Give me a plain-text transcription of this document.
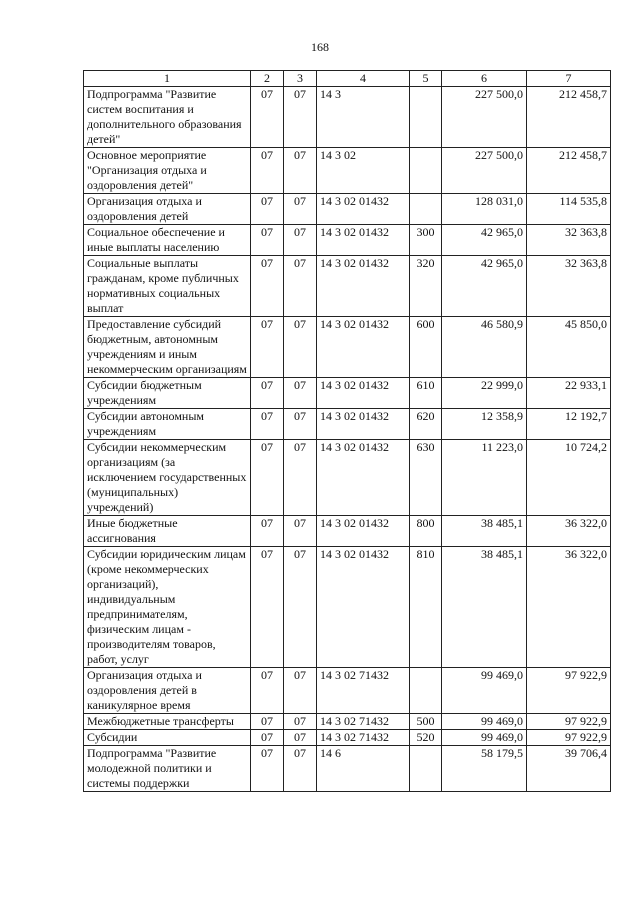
168
1	2	3	4	5	6	7
Подпрограмма "Развитие систем воспитания и дополнительного образования детей"	07	07	14 3		227 500,0	212 458,7
Основное мероприятие "Организация отдыха и оздоровления детей"	07	07	14 3 02		227 500,0	212 458,7
Организация отдыха и оздоровления детей	07	07	14 3 02 01432		128 031,0	114 535,8
Социальное обеспечение и иные выплаты населению	07	07	14 3 02 01432	300	42 965,0	32 363,8
Социальные выплаты гражданам, кроме публичных нормативных социальных выплат	07	07	14 3 02 01432	320	42 965,0	32 363,8
Предоставление субсидий бюджетным, автономным учреждениям и иным некоммерческим организациям	07	07	14 3 02 01432	600	46 580,9	45 850,0
Субсидии бюджетным учреждениям	07	07	14 3 02 01432	610	22 999,0	22 933,1
Субсидии автономным учреждениям	07	07	14 3 02 01432	620	12 358,9	12 192,7
Субсидии некоммерческим организациям (за исключением государственных (муниципальных) учреждений)	07	07	14 3 02 01432	630	11 223,0	10 724,2
Иные бюджетные ассигнования	07	07	14 3 02 01432	800	38 485,1	36 322,0
Субсидии юридическим лицам (кроме некоммерческих организаций), индивидуальным предпринимателям, физическим лицам - производителям товаров, работ, услуг	07	07	14 3 02 01432	810	38 485,1	36 322,0
Организация отдыха и оздоровления детей в каникулярное время	07	07	14 3 02 71432		99 469,0	97 922,9
Межбюджетные трансферты	07	07	14 3 02 71432	500	99 469,0	97 922,9
Субсидии	07	07	14 3 02 71432	520	99 469,0	97 922,9
Подпрограмма "Развитие молодежной политики и системы поддержки	07	07	14 6		58 179,5	39 706,4
